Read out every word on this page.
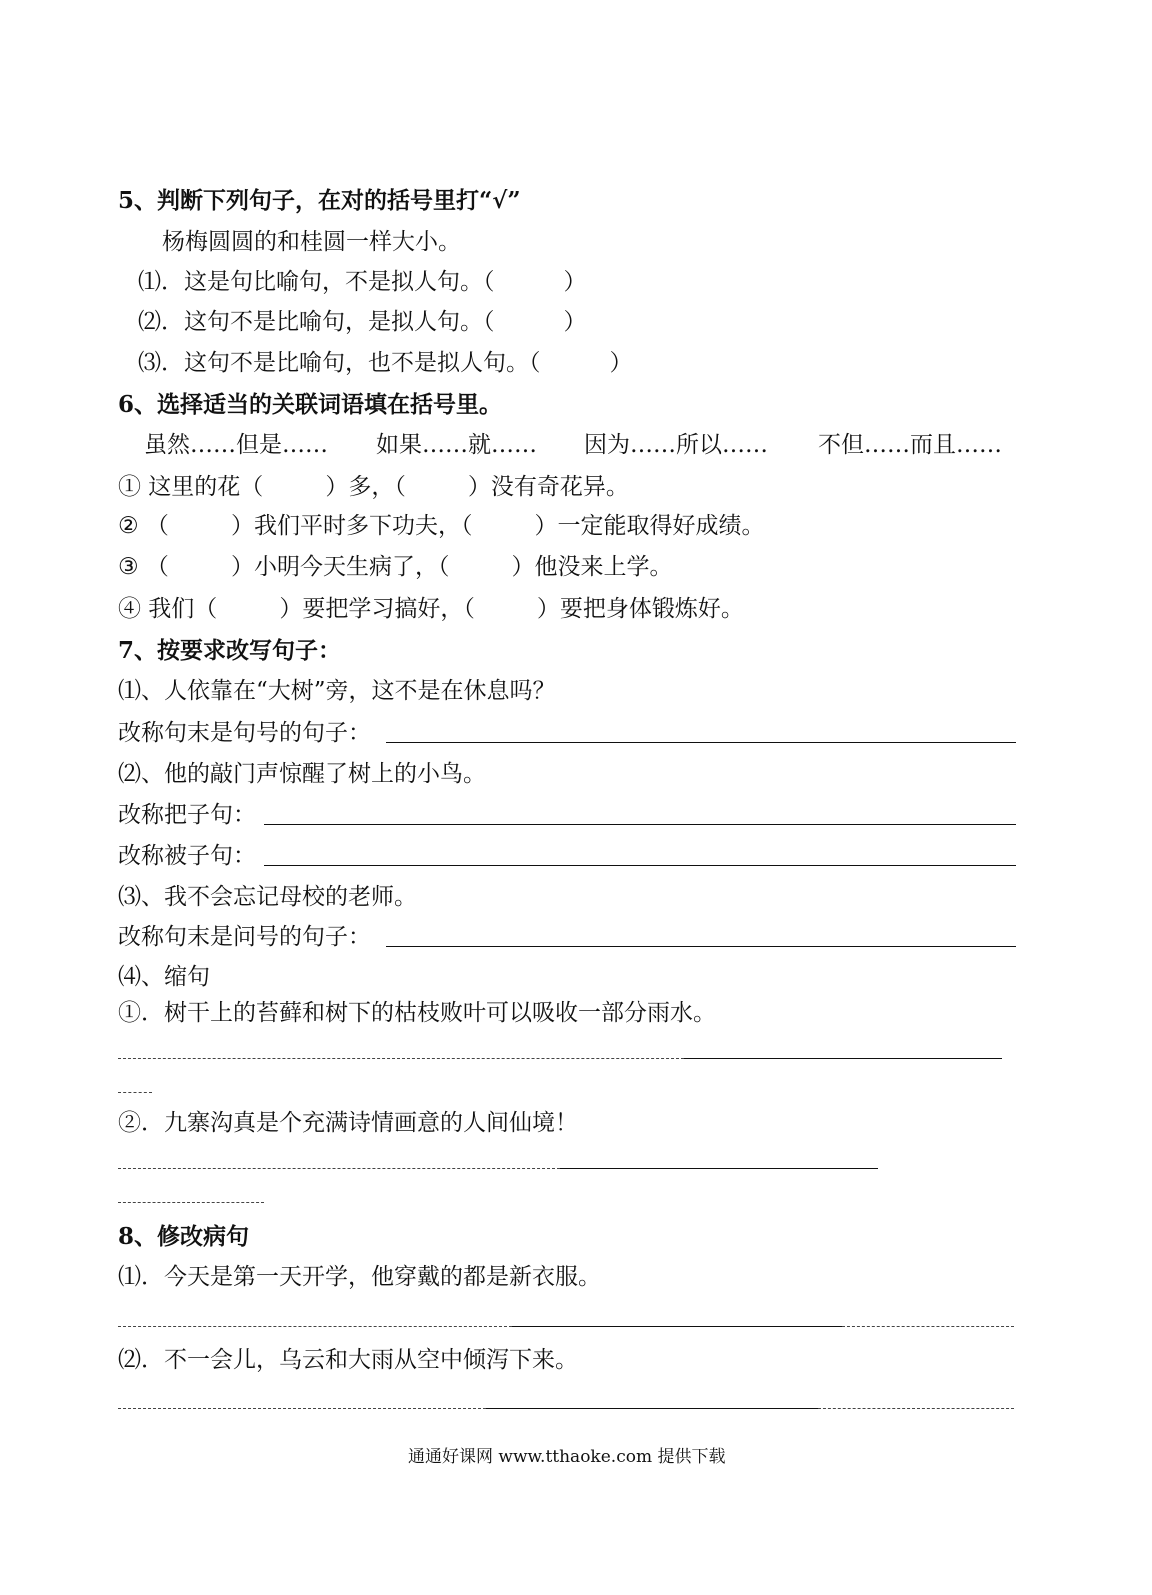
5、判断下列句子，在对的括号里打“√”
杨梅圆圆的和桂圆一样大小。
⑴．这是句比喻句，不是拟人句。（　　　）
⑵．这句不是比喻句，是拟人句。（　　　）
⑶．这句不是比喻句，也不是拟人句。（　　　）
6、选择适当的关联词语填在括号里。
虽然……但是…… 如果……就…… 因为……所以…… 不但……而且……
① 这里的花（	）多，（	）没有奇花异。
② （	）我们平时多下功夫，（	）一定能取得好成绩。
③ （	）小明今天生病了，（	）他没来上学。
④ 我们（	）要把学习搞好，（	）要把身体锻炼好。
7、按要求改写句子：
⑴、人依靠在“大树”旁，这不是在休息吗？
改称句末是句号的句子：
⑵、他的敲门声惊醒了树上的小鸟。
改称把子句：
改称被子句：
⑶、我不会忘记母校的老师。
改称句末是问号的句子：
⑷、缩句
①．树干上的苔藓和树下的枯枝败叶可以吸收一部分雨水。
②．九寨沟真是个充满诗情画意的人间仙境！
8、修改病句
⑴．今天是第一天开学，他穿戴的都是新衣服。
⑵．不一会儿，乌云和大雨从空中倾泻下来。
通通好课网 www.tthaoke.com 提供下载
